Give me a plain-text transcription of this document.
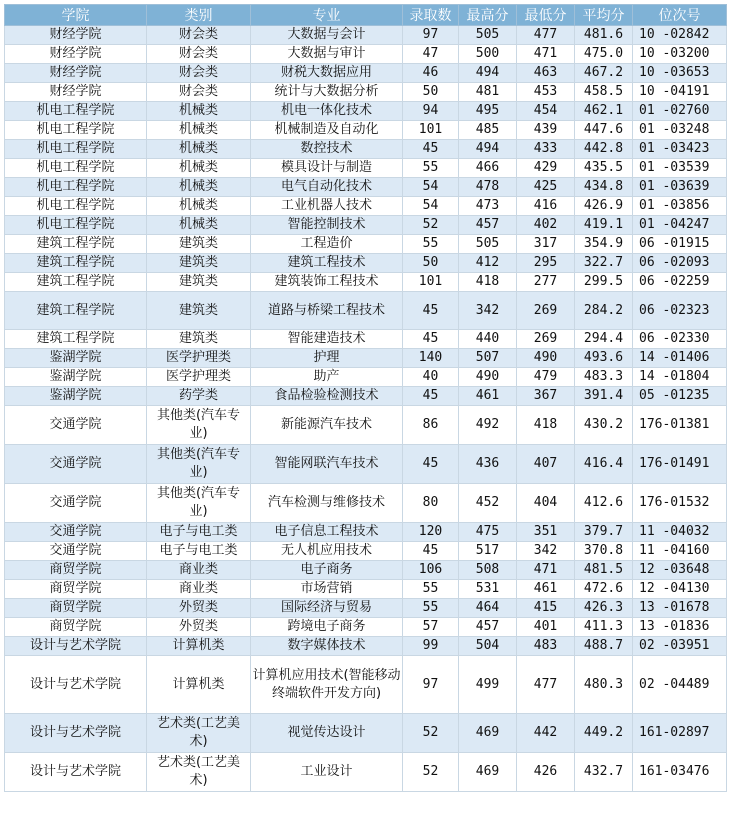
学院	类别	专业	录取数	最高分	最低分	平均分	位次号
财经学院	财会类	大数据与会计	97	505	477	481.6	10 -02842
财经学院	财会类	大数据与审计	47	500	471	475.0	10 -03200
财经学院	财会类	财税大数据应用	46	494	463	467.2	10 -03653
财经学院	财会类	统计与大数据分析	50	481	453	458.5	10 -04191
机电工程学院	机械类	机电一体化技术	94	495	454	462.1	01 -02760
机电工程学院	机械类	机械制造及自动化	101	485	439	447.6	01 -03248
机电工程学院	机械类	数控技术	45	494	433	442.8	01 -03423
机电工程学院	机械类	模具设计与制造	55	466	429	435.5	01 -03539
机电工程学院	机械类	电气自动化技术	54	478	425	434.8	01 -03639
机电工程学院	机械类	工业机器人技术	54	473	416	426.9	01 -03856
机电工程学院	机械类	智能控制技术	52	457	402	419.1	01 -04247
建筑工程学院	建筑类	工程造价	55	505	317	354.9	06 -01915
建筑工程学院	建筑类	建筑工程技术	50	412	295	322.7	06 -02093
建筑工程学院	建筑类	建筑装饰工程技术	101	418	277	299.5	06 -02259
建筑工程学院	建筑类	道路与桥梁工程技术	45	342	269	284.2	06 -02323
建筑工程学院	建筑类	智能建造技术	45	440	269	294.4	06 -02330
鉴湖学院	医学护理类	护理	140	507	490	493.6	14 -01406
鉴湖学院	医学护理类	助产	40	490	479	483.3	14 -01804
鉴湖学院	药学类	食品检验检测技术	45	461	367	391.4	05 -01235
交通学院	其他类(汽车专业)	新能源汽车技术	86	492	418	430.2	176-01381
交通学院	其他类(汽车专业)	智能网联汽车技术	45	436	407	416.4	176-01491
交通学院	其他类(汽车专业)	汽车检测与维修技术	80	452	404	412.6	176-01532
交通学院	电子与电工类	电子信息工程技术	120	475	351	379.7	11 -04032
交通学院	电子与电工类	无人机应用技术	45	517	342	370.8	11 -04160
商贸学院	商业类	电子商务	106	508	471	481.5	12 -03648
商贸学院	商业类	市场营销	55	531	461	472.6	12 -04130
商贸学院	外贸类	国际经济与贸易	55	464	415	426.3	13 -01678
商贸学院	外贸类	跨境电子商务	57	457	401	411.3	13 -01836
设计与艺术学院	计算机类	数字媒体技术	99	504	483	488.7	02 -03951
设计与艺术学院	计算机类	计算机应用技术(智能移动终端软件开发方向)	97	499	477	480.3	02 -04489
设计与艺术学院	艺术类(工艺美术)	视觉传达设计	52	469	442	449.2	161-02897
设计与艺术学院	艺术类(工艺美术)	工业设计	52	469	426	432.7	161-03476
